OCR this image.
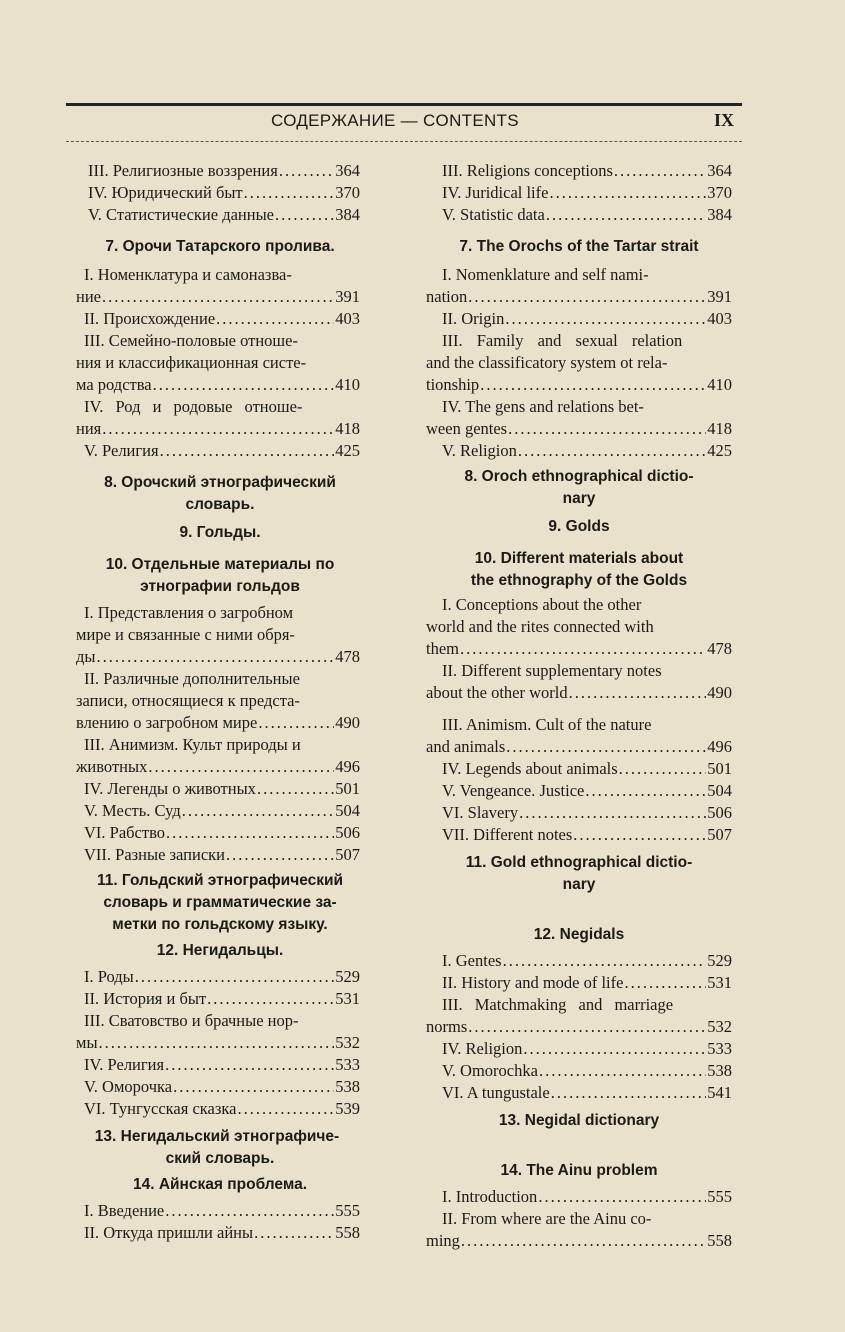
СОДЕРЖАНИЕ — CONTENTS	IX
III. Религиозные воззрения .....	364
IV. Юридический быт .....	370
V. Статистические данные .....	384
7. Орочи Татарского пролива.
I. Номенклатура и самоназва-
ние .....	391
II. Происхождение .....	403
III. Семейно-половые отноше-
ния и классификационная систе-
ма родства .....	410
IV. Род и родовые отноше-
ния .....	418
V. Религия .....	425
8. Орочский этнографический
словарь.
9. Гольды.
10. Отдельные материалы по
этнографии гольдов
I. Представления о загробном
мире и связанные с ними обря-
ды .....	478
II. Различные дополнительные
записи, относящиеся к предста-
влению о загробном мире .....	490
III. Анимизм. Культ природы и
животных .....	496
IV. Легенды о животных .....	501
V. Месть. Суд .....	504
VI. Рабство .....	506
VII. Разные записки .....	507
11. Гольдский этнографический
словарь и грамматические за-
метки по гольдскому языку.
12. Негидальцы.
I. Роды .....	529
II. История и быт .....	531
III. Сватовство и брачные нор-
мы .....	532
IV. Религия .....	533
V. Оморочка .....	538
VI. Тунгусская сказка .....	539
13. Негидальский этнографиче-
ский словарь.
14. Айнская проблема.
I. Введение .....	555
II. Откуда пришли айны .....	558
III. Religions conceptions .....	364
IV. Juridical life .....	370
V. Statistic data .....	384
7. The Orochs of the Tartar strait
I. Nomenklature and self nami-
nation .....	391
II. Origin .....	403
III. Family and sexual relation
and the classificatory system ot rela-
tionship .....	410
IV. The gens and relations bet-
ween gentes .....	418
V. Religion .....	425
8. Oroch ethnographical dictio-
nary
9. Golds
10. Different materials about
the ethnography of the Golds
I. Conceptions about the other
world and the rites connected with
them .....	478
II. Different supplementary notes
about the other world .....	490
III. Animism. Cult of the nature
and animals .....	496
IV. Legends about animals .....	501
V. Vengeance. Justice .....	504
VI. Slavery .....	506
VII. Different notes .....	507
11. Gold ethnographical dictio-
nary
12. Negidals
I. Gentes .....	529
II. History and mode of life .....	531
III. Matchmaking and marriage
norms .....	532
IV. Religion .....	533
V. Omorochka .....	538
VI. A tungustale .....	541
13. Negidal dictionary
14. The Ainu problem
I. Introduction .....	555
II. From where are the Ainu co-
ming .....	558
